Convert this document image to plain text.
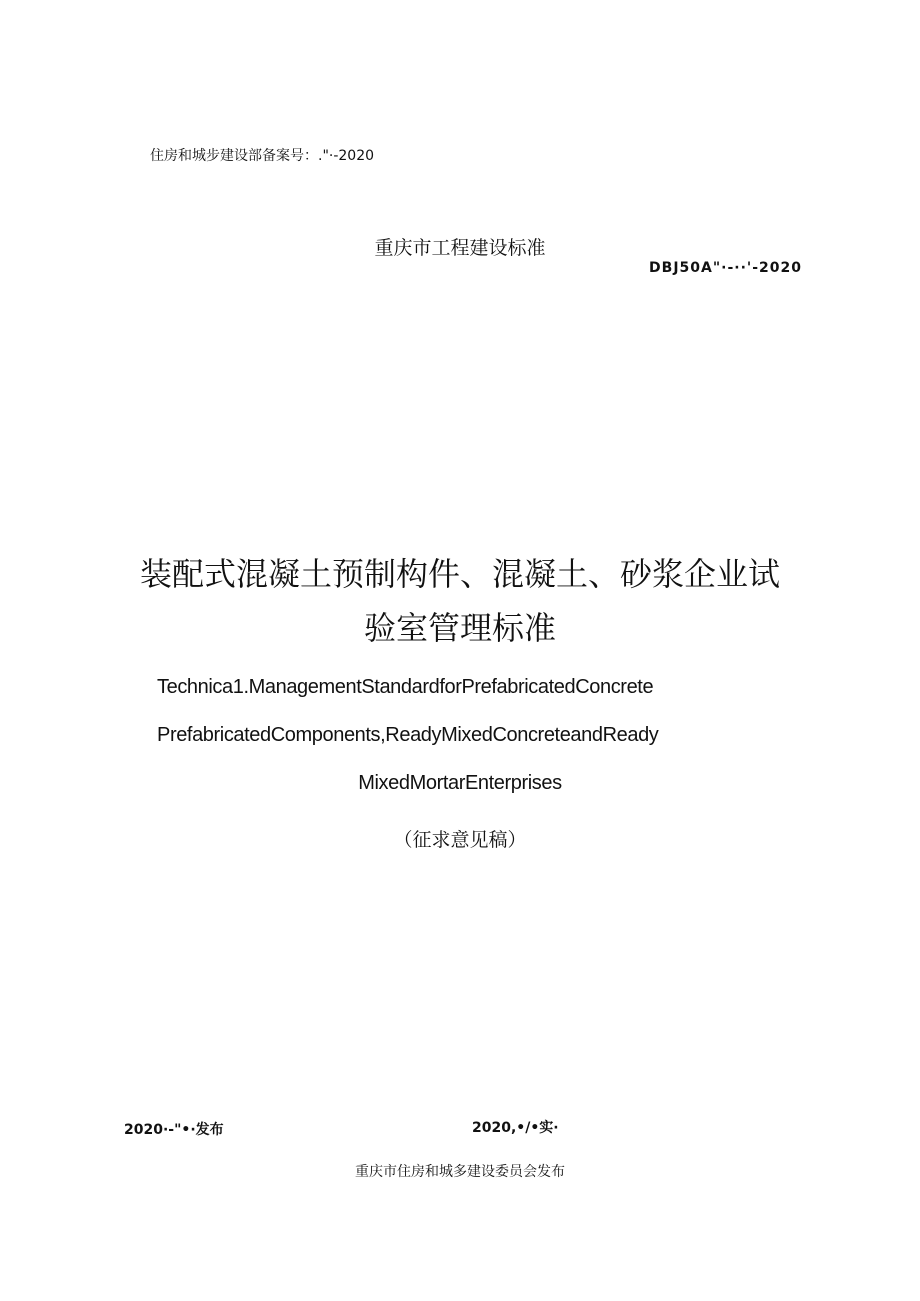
住房和城步建设部备案号：."·-2020
重庆市工程建设标准
DBJ50A"·-··'-2020
装配式混凝土预制构件、混凝土、砂浆企业试
验室管理标准
Technica1.ManagementStandardforPrefabricatedConcrete
PrefabricatedComponents,ReadyMixedConcreteandReady
MixedMortarEnterprises
（征求意见稿）
2020·-"•·发布	2020,•/•实·
重庆市住房和城多建设委员会发布
